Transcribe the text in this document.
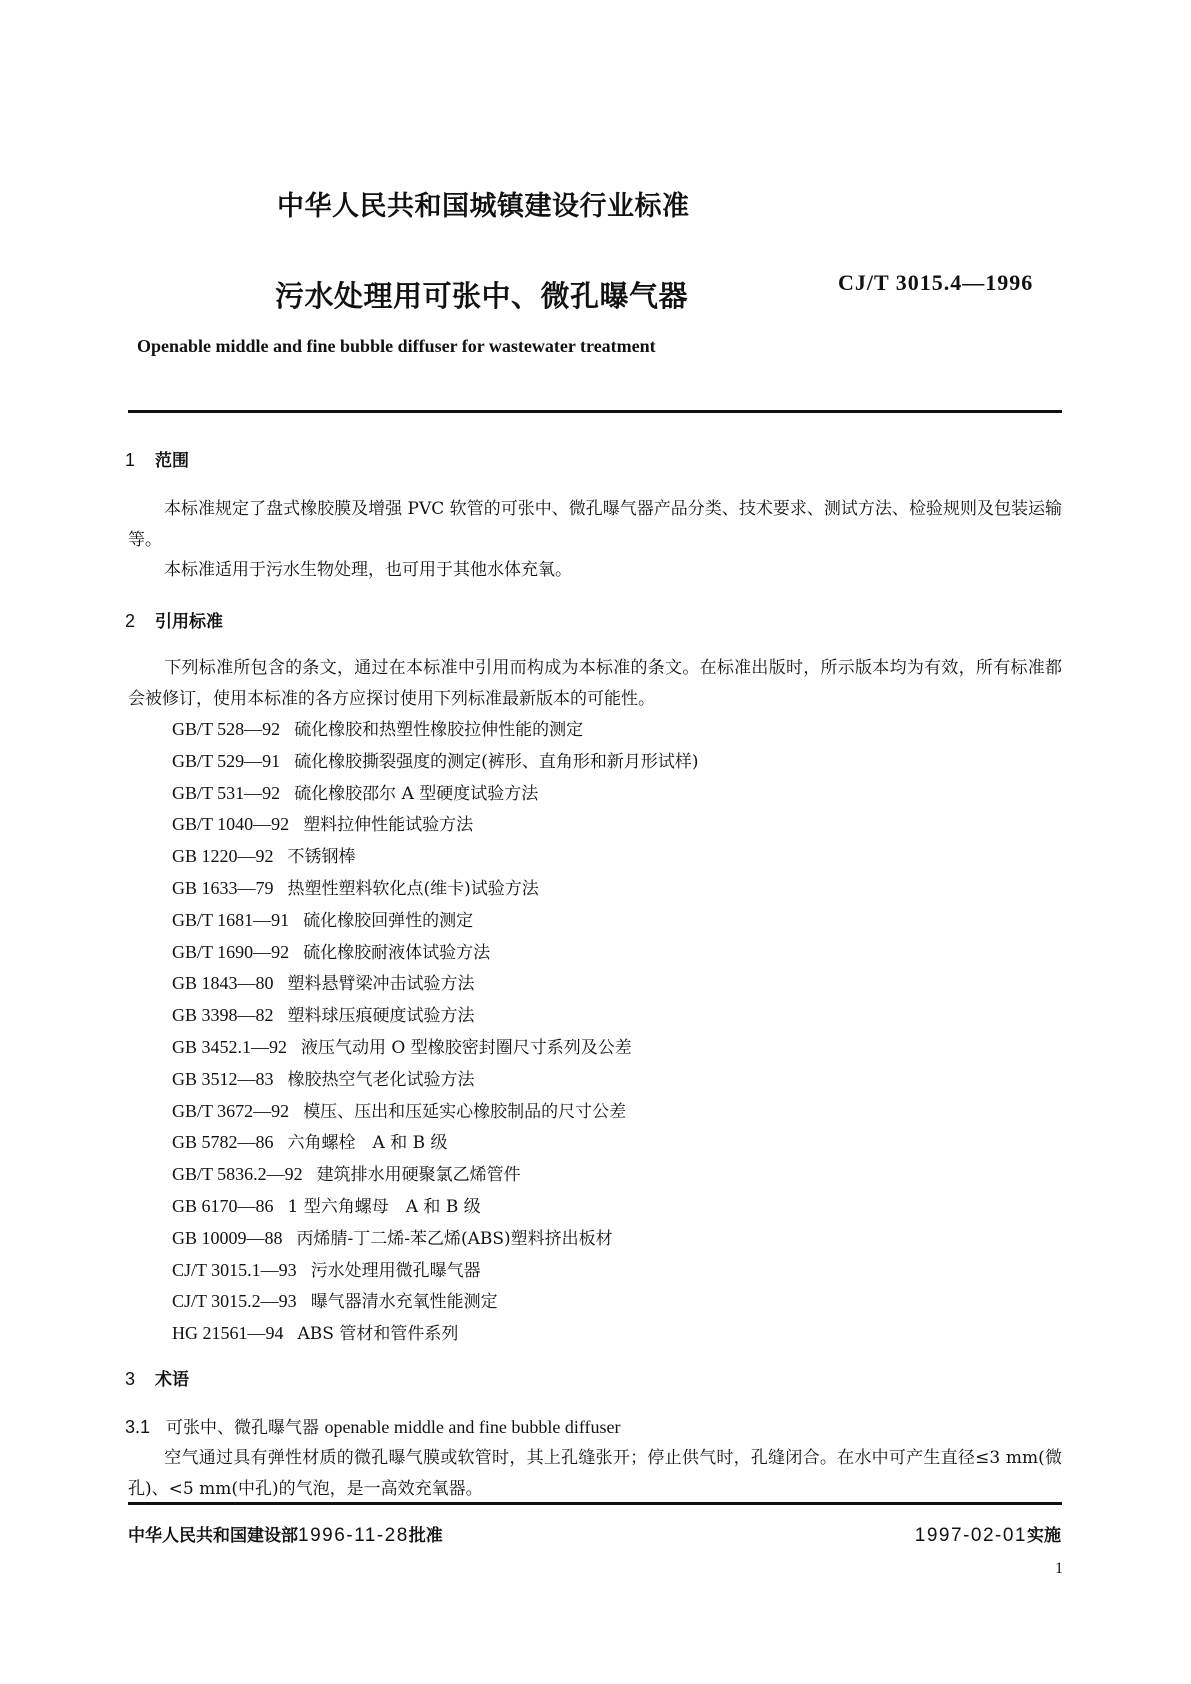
中华人民共和国城镇建设行业标准
污水处理用可张中、微孔曝气器	CJ/T 3015.4—1996
Openable middle and fine bubble diffuser for wastewater treatment
1 范围
本标准规定了盘式橡胶膜及增强 PVC 软管的可张中、微孔曝气器产品分类、技术要求、测试方法、检验规则及包装运输等。
本标准适用于污水生物处理，也可用于其他水体充氧。
2 引用标准
下列标准所包含的条文，通过在本标准中引用而构成为本标准的条文。在标准出版时，所示版本均为有效，所有标准都会被修订，使用本标准的各方应探讨使用下列标准最新版本的可能性。
GB/T 528—92 硫化橡胶和热塑性橡胶拉伸性能的测定
GB/T 529—91 硫化橡胶撕裂强度的测定(裤形、直角形和新月形试样)
GB/T 531—92 硫化橡胶邵尔 A 型硬度试验方法
GB/T 1040—92 塑料拉伸性能试验方法
GB 1220—92 不锈钢棒
GB 1633—79 热塑性塑料软化点(维卡)试验方法
GB/T 1681—91 硫化橡胶回弹性的测定
GB/T 1690—92 硫化橡胶耐液体试验方法
GB 1843—80 塑料悬臂梁冲击试验方法
GB 3398—82 塑料球压痕硬度试验方法
GB 3452.1—92 液压气动用 O 型橡胶密封圈尺寸系列及公差
GB 3512—83 橡胶热空气老化试验方法
GB/T 3672—92 模压、压出和压延实心橡胶制品的尺寸公差
GB 5782—86 六角螺栓　A 和 B 级
GB/T 5836.2—92 建筑排水用硬聚氯乙烯管件
GB 6170—86 1 型六角螺母　A 和 B 级
GB 10009—88 丙烯腈-丁二烯-苯乙烯(ABS)塑料挤出板材
CJ/T 3015.1—93 污水处理用微孔曝气器
CJ/T 3015.2—93 曝气器清水充氧性能测定
HG 21561—94 ABS 管材和管件系列
3 术语
3.1 可张中、微孔曝气器 openable middle and fine bubble diffuser
空气通过具有弹性材质的微孔曝气膜或软管时，其上孔缝张开；停止供气时，孔缝闭合。在水中可产生直径≤3 mm(微孔)、<5 mm(中孔)的气泡，是一高效充氧器。
中华人民共和国建设部1996-11-28批准	1997-02-01实施
1
